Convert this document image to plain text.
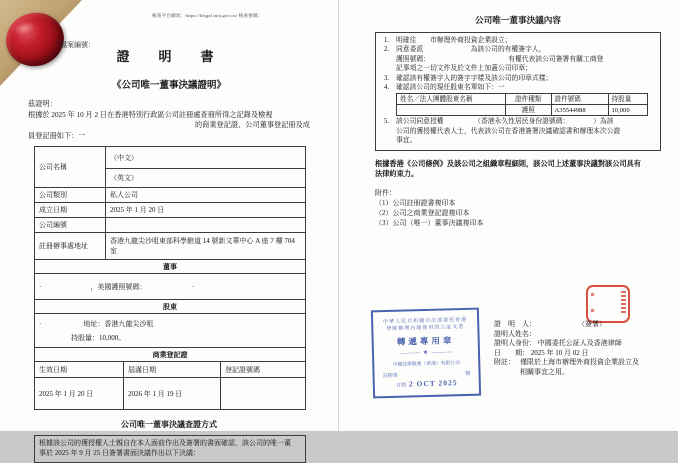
核查平台網址：https://hlsgzl.moj.gov.cn/ 核查密碼：
檔案編號：
證　明　書
《公司唯一董事決議證明》
茲證明：
根據於 2025 年 10 月 2 日在香港特別行政區公司註冊處查冊所得之記錄及檢視
的商業登記證、公司董事登記冊及成
員登記冊如下：一
公司名稱	（中文）
	（英文）
公司類別	私人公司
成立日期	2025 年 1 月 20 日
公司編號	
註冊辦事處地址	香港九龍尖沙咀東部科學館道 14 號新文華中心 A 座 7 樓 704 室
董事	
·　　　　　　　，美國護照號碼：　　　　　　　·	
股東	

·　　　　　　地址：香港九龍尖沙咀
持股量：10,000。	

商業登記證	
生效日期	屆滿日期	登記證號碼
2025 年 1 月 20 日	2026 年 1 月 19 日	
公司唯一董事決議查證方式
根據該公司的獲授權人士親自在本人面前作出及簽署的書面確認，該公司的唯一董
事於 2025 年 9 月 25 日簽署書面決議作出以下決議：
公司唯一董事決議內容
1.	明確往　　市辦理外商投資企業設立；
2.	同意委派　　　　　　　為該公司的有權簽字人，
護照號碼：　　　　　　　　　　　　有權代表該公司簽署有關工商登
記事項之一切文件及於文件上加蓋公司印章；
3.	確認該有權簽字人的簽字字樣及該公司的印章式樣；
4.	確認該公司的現任股東名單如下：一
姓名／法人團體股東名稱	證件種類	證件號碼	持股量
	護照	A35544988	10,000
5.	該公司同意授權　　　　　（香港永久性居民身份證號碼：　　　　）為該
公司的獲授權代表人士，代表該公司在香港簽署決議確認書和辦理本次公證
事宜。
根據香港《公司條例》及該公司之組織章程細則，該公司上述董事決議對該公司具有
法律約束力。
附件：
（1）公司註冊證書複印本
（2）公司之商業登記證複印本
（3）公司（唯一）董事決議複印本
中華人民共和國司法部委托香港
律師辦理內地使用的公証文書
轉遞專用章
——— ★ ———
中國法律服務（香港）有限公司
註冊第	號
日期 2 OCT 2025
證　明　人：	（簽署）
證明人姓名：
證明人身份： 中國委托公証人及香港律師
日　　期： 2025 年 10 月 02 日
附註： 僅限於上海市辦理外商投資企業設立及
相關事宜之用。
